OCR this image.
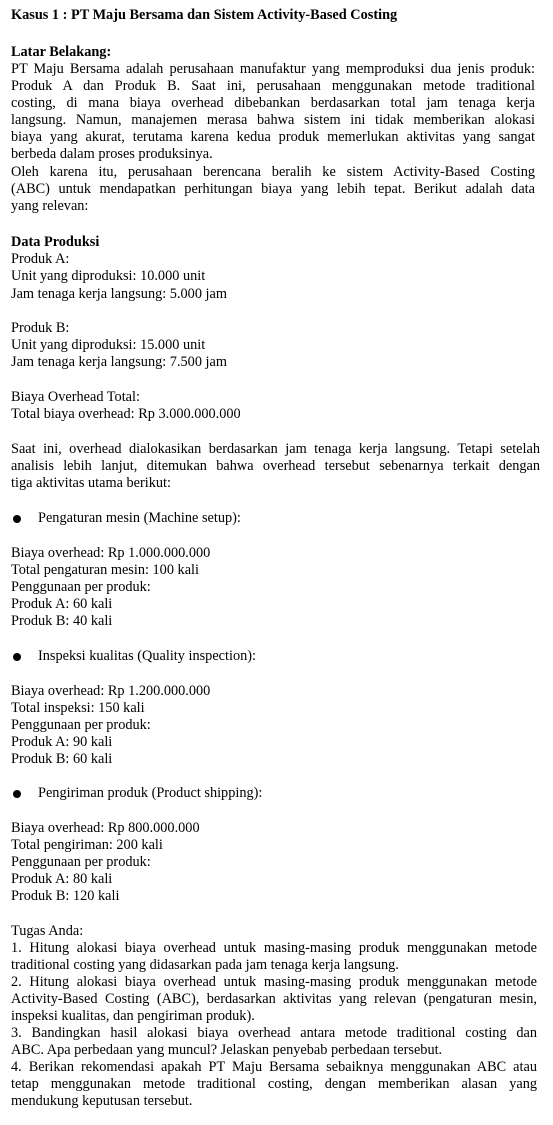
Kasus 1 : PT Maju Bersama dan Sistem Activity-Based Costing
Latar Belakang:
PT Maju Bersama adalah perusahaan manufaktur yang memproduksi dua jenis produk:
Produk A dan Produk B. Saat ini, perusahaan menggunakan metode traditional
costing, di mana biaya overhead dibebankan berdasarkan total jam tenaga kerja
langsung. Namun, manajemen merasa bahwa sistem ini tidak memberikan alokasi
biaya yang akurat, terutama karena kedua produk memerlukan aktivitas yang sangat
berbeda dalam proses produksinya.
Oleh karena itu, perusahaan berencana beralih ke sistem Activity-Based Costing
(ABC) untuk mendapatkan perhitungan biaya yang lebih tepat. Berikut adalah data
yang relevan:
Data Produksi
Produk A:
Unit yang diproduksi: 10.000 unit
Jam tenaga kerja langsung: 5.000 jam
Produk B:
Unit yang diproduksi: 15.000 unit
Jam tenaga kerja langsung: 7.500 jam
Biaya Overhead Total:
Total biaya overhead: Rp 3.000.000.000
Saat ini, overhead dialokasikan berdasarkan jam tenaga kerja langsung. Tetapi setelah
analisis lebih lanjut, ditemukan bahwa overhead tersebut sebenarnya terkait dengan
tiga aktivitas utama berikut:
Pengaturan mesin (Machine setup):
Biaya overhead: Rp 1.000.000.000
Total pengaturan mesin: 100 kali
Penggunaan per produk:
Produk A: 60 kali
Produk B: 40 kali
Inspeksi kualitas (Quality inspection):
Biaya overhead: Rp 1.200.000.000
Total inspeksi: 150 kali
Penggunaan per produk:
Produk A: 90 kali
Produk B: 60 kali
Pengiriman produk (Product shipping):
Biaya overhead: Rp 800.000.000
Total pengiriman: 200 kali
Penggunaan per produk:
Produk A: 80 kali
Produk B: 120 kali
Tugas Anda:
1. Hitung alokasi biaya overhead untuk masing-masing produk menggunakan metode
traditional costing yang didasarkan pada jam tenaga kerja langsung.
2. Hitung alokasi biaya overhead untuk masing-masing produk menggunakan metode
Activity-Based Costing (ABC), berdasarkan aktivitas yang relevan (pengaturan mesin,
inspeksi kualitas, dan pengiriman produk).
3. Bandingkan hasil alokasi biaya overhead antara metode traditional costing dan
ABC. Apa perbedaan yang muncul? Jelaskan penyebab perbedaan tersebut.
4. Berikan rekomendasi apakah PT Maju Bersama sebaiknya menggunakan ABC atau
tetap menggunakan metode traditional costing, dengan memberikan alasan yang
mendukung keputusan tersebut.
